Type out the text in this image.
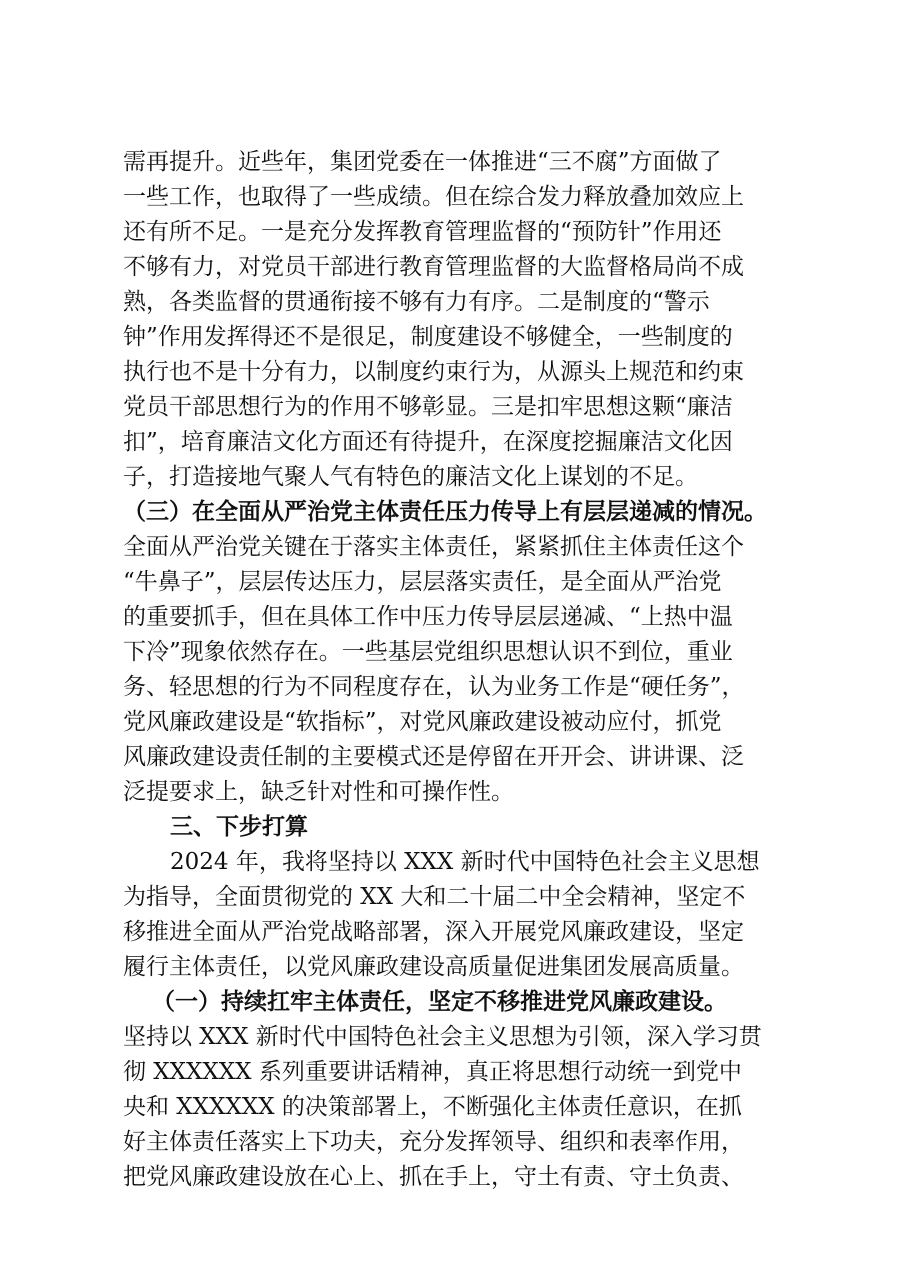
需再提升。近些年，集团党委在一体推进“三不腐”方面做了
一些工作，也取得了一些成绩。但在综合发力释放叠加效应上
还有所不足。一是充分发挥教育管理监督的“预防针”作用还
不够有力，对党员干部进行教育管理监督的大监督格局尚不成
熟，各类监督的贯通衔接不够有力有序。二是制度的“警示
钟”作用发挥得还不是很足，制度建设不够健全，一些制度的
执行也不是十分有力，以制度约束行为，从源头上规范和约束
党员干部思想行为的作用不够彰显。三是扣牢思想这颗“廉洁
扣”，培育廉洁文化方面还有待提升，在深度挖掘廉洁文化因
子，打造接地气聚人气有特色的廉洁文化上谋划的不足。
（三）在全面从严治党主体责任压力传导上有层层递减的情况。
全面从严治党关键在于落实主体责任，紧紧抓住主体责任这个
“牛鼻子”，层层传达压力，层层落实责任，是全面从严治党
的重要抓手，但在具体工作中压力传导层层递减、“上热中温
下冷”现象依然存在。一些基层党组织思想认识不到位，重业
务、轻思想的行为不同程度存在，认为业务工作是“硬任务”，
党风廉政建设是“软指标”，对党风廉政建设被动应付，抓党
风廉政建设责任制的主要模式还是停留在开开会、讲讲课、泛
泛提要求上，缺乏针对性和可操作性。
三、下步打算
2024 年，我将坚持以 XXX 新时代中国特色社会主义思想
为指导，全面贯彻党的 XX 大和二十届二中全会精神，坚定不
移推进全面从严治党战略部署，深入开展党风廉政建设，坚定
履行主体责任，以党风廉政建设高质量促进集团发展高质量。
（一）持续扛牢主体责任，坚定不移推进党风廉政建设。
坚持以 XXX 新时代中国特色社会主义思想为引领，深入学习贯
彻 XXXXXX 系列重要讲话精神，真正将思想行动统一到党中
央和 XXXXXX 的决策部署上，不断强化主体责任意识，在抓
好主体责任落实上下功夫，充分发挥领导、组织和表率作用，
把党风廉政建设放在心上、抓在手上，守土有责、守土负责、
